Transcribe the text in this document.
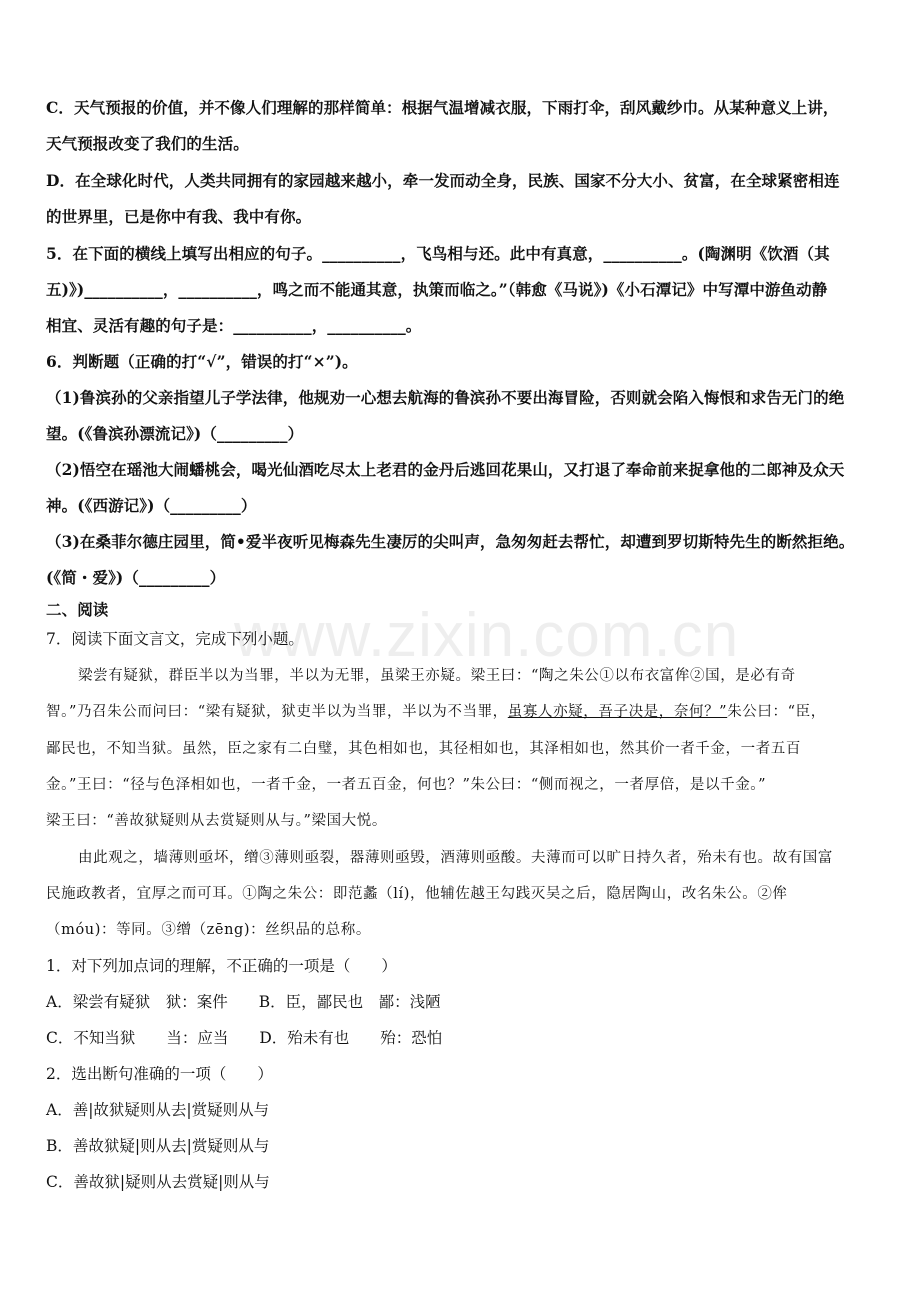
www.zixin.com.cn
C．天气预报的价值，并不像人们理解的那样简单：根据气温增减衣服，下雨打伞，刮风戴纱巾。从某种意义上讲，
天气预报改变了我们的生活。
D．在全球化时代，人类共同拥有的家园越来越小，牵一发而动全身，民族、国家不分大小、贫富，在全球紧密相连
的世界里，已是你中有我、我中有你。
5．在下面的横线上填写出相应的句子。__________，飞鸟相与还。此中有真意，__________。(陶渊明《饮酒（其
五)》)__________，__________，鸣之而不能通其意，执策而临之。”（韩愈《马说》)《小石潭记》中写潭中游鱼动静
相宜、灵活有趣的句子是：__________，__________。
6．判断题（正确的打“√”，错误的打“×”)。
（1)鲁滨孙的父亲指望儿子学法律，他规劝一心想去航海的鲁滨孙不要出海冒险，否则就会陷入悔恨和求告无门的绝
望。(《鲁滨孙漂流记》)（_________）
（2)悟空在瑶池大闹蟠桃会，喝光仙酒吃尽太上老君的金丹后逃回花果山，又打退了奉命前来捉拿他的二郎神及众天
神。(《西游记》)（_________）
（3)在桑菲尔德庄园里，简•爱半夜听见梅森先生凄厉的尖叫声，急匆匆赶去帮忙，却遭到罗切斯特先生的断然拒绝。
(《简・爱》)（_________）
二、阅读
7．阅读下面文言文，完成下列小题。
梁尝有疑狱，群臣半以为当罪，半以为无罪，虽梁王亦疑。梁王曰：“陶之朱公①以布衣富侔②国，是必有奇
智。”乃召朱公而问曰：“梁有疑狱，狱吏半以为当罪，半以为不当罪，虽寡人亦疑，吾子决是，奈何？”朱公曰：“臣，
鄙民也，不知当狱。虽然，臣之家有二白璧，其色相如也，其径相如也，其泽相如也，然其价一者千金，一者五百
金。”王曰：“径与色泽相如也，一者千金，一者五百金，何也？”朱公曰：“侧而视之，一者厚倍，是以千金。”
梁王曰：“善故狱疑则从去赏疑则从与。”梁国大悦。
由此观之，墙薄则亟坏，缯③薄则亟裂，器薄则亟毁，酒薄则亟酸。夫薄而可以旷日持久者，殆未有也。故有国富
民施政教者，宜厚之而可耳。①陶之朱公：即范蠡（lí)，他辅佐越王勾践灭吴之后，隐居陶山，改名朱公。②侔
（móu)：等同。③缯（zēng)：丝织品的总称。
1．对下列加点词的理解，不正确的一项是（　　）
A．梁尝有疑狱　狱：案件　　B．臣，鄙民也　鄙：浅陋
C．不知当狱　　当：应当　　D．殆未有也　　殆：恐怕
2．选出断句准确的一项（　　）
A．善|故狱疑则从去|赏疑则从与
B．善故狱疑|则从去|赏疑则从与
C．善故狱|疑则从去赏疑|则从与
